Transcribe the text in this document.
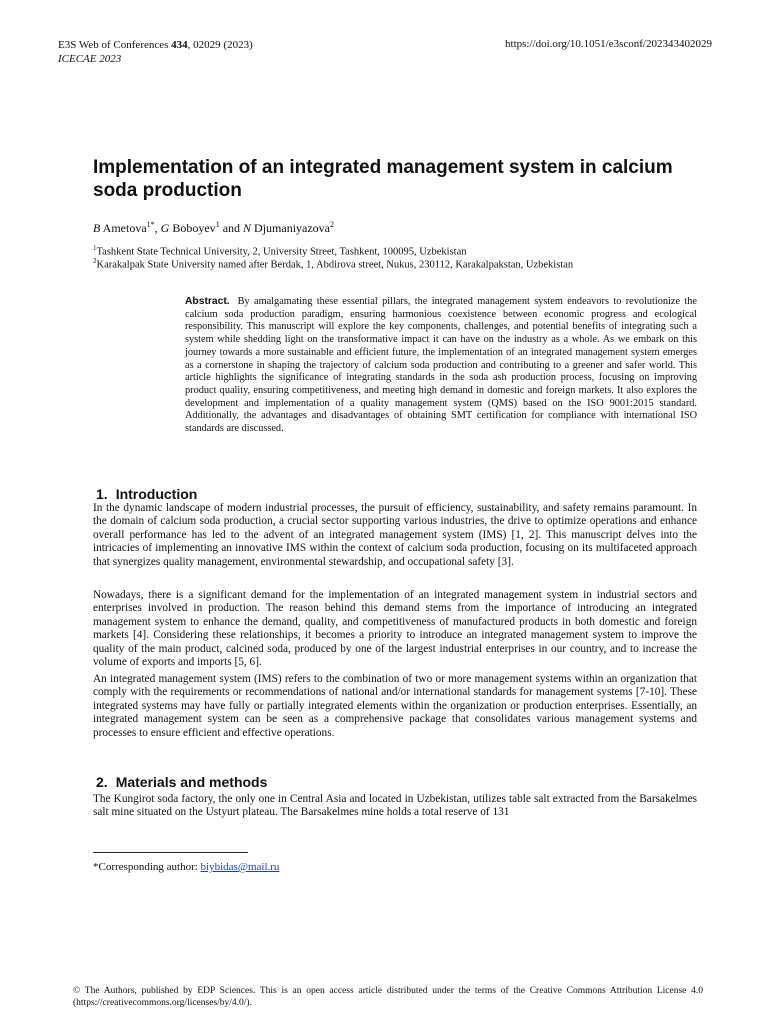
E3S Web of Conferences 434, 02029 (2023)
ICECAE 2023
https://doi.org/10.1051/e3sconf/202343402029
Implementation of an integrated management system in calcium soda production
B Ametova$^{1*}$, G Boboyev$^1$ and N Djumaniyazova$^2$
$^1$Tashkent State Technical University, 2, University Street, Tashkent, 100095, Uzbekistan
$^2$Karakalpak State University named after Berdak, 1, Abdirova street, Nukus, 230112, Karakalpakstan, Uzbekistan
Abstract. By amalgamating these essential pillars, the integrated management system endeavors to revolutionize the calcium soda production paradigm, ensuring harmonious coexistence between economic progress and ecological responsibility. This manuscript will explore the key components, challenges, and potential benefits of integrating such a system while shedding light on the transformative impact it can have on the industry as a whole. As we embark on this journey towards a more sustainable and efficient future, the implementation of an integrated management system emerges as a cornerstone in shaping the trajectory of calcium soda production and contributing to a greener and safer world. This article highlights the significance of integrating standards in the soda ash production process, focusing on improving product quality, ensuring competitiveness, and meeting high demand in domestic and foreign markets. It also explores the development and implementation of a quality management system (QMS) based on the ISO 9001:2015 standard. Additionally, the advantages and disadvantages of obtaining SMT certification for compliance with international ISO standards are discussed.
1. Introduction

In the dynamic landscape of modern industrial processes, the pursuit of efficiency, sustainability, and safety remains paramount. In the domain of calcium soda production, a crucial sector supporting various industries, the drive to optimize operations and enhance overall performance has led to the advent of an integrated management system (IMS) [1, 2]. This manuscript delves into the intricacies of implementing an innovative IMS within the context of calcium soda production, focusing on its multifaceted approach that synergizes quality management, environmental stewardship, and occupational safety [3].

Nowadays, there is a significant demand for the implementation of an integrated management system in industrial sectors and enterprises involved in production. The reason behind this demand stems from the importance of introducing an integrated management system to enhance the demand, quality, and competitiveness of manufactured products in both domestic and foreign markets [4]. Considering these relationships, it becomes a priority to introduce an integrated management system to improve the quality of the main product, calcined soda, produced by one of the largest industrial enterprises in our country, and to increase the volume of exports and imports [5, 6].

An integrated management system (IMS) refers to the combination of two or more management systems within an organization that comply with the requirements or recommendations of national and/or international standards for management systems [7-10]. These integrated systems may have fully or partially integrated elements within the organization or production enterprises. Essentially, an integrated management system can be seen as a comprehensive package that consolidates various management systems and processes to ensure efficient and effective operations.

2. Materials and methods

The Kungirot soda factory, the only one in Central Asia and located in Uzbekistan, utilizes table salt extracted from the Barsakelmes salt mine situated on the Ustyurt plateau. The Barsakelmes mine holds a total reserve of 131

*Corresponding author: biybidas@mail.ru
© The Authors, published by EDP Sciences. This is an open access article distributed under the terms of the Creative Commons Attribution License 4.0 (https://creativecommons.org/licenses/by/4.0/).
